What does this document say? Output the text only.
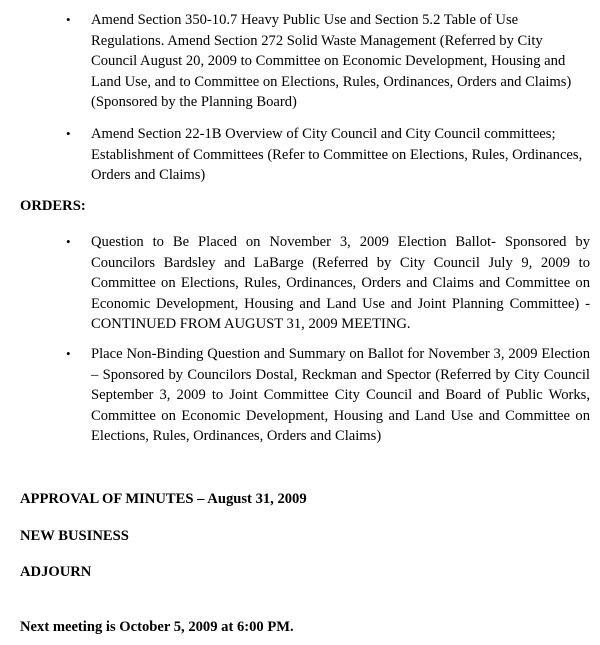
• Amend Section 350-10.7 Heavy Public Use and Section 5.2 Table of Use Regulations. Amend Section 272 Solid Waste Management (Referred by City Council August 20, 2009 to Committee on Economic Development, Housing and Land Use, and to Committee on Elections, Rules, Ordinances, Orders and Claims) (Sponsored by the Planning Board)
• Amend Section 22-1B Overview of City Council and City Council committees; Establishment of Committees (Refer to Committee on Elections, Rules, Ordinances, Orders and Claims)
ORDERS:
• Question to Be Placed on November 3, 2009 Election Ballot- Sponsored by Councilors Bardsley and LaBarge (Referred by City Council July 9, 2009 to Committee on Elections, Rules, Ordinances, Orders and Claims and Committee on Economic Development, Housing and Land Use and Joint Planning Committee) - CONTINUED FROM AUGUST 31, 2009 MEETING.
• Place Non-Binding Question and Summary on Ballot for November 3, 2009 Election – Sponsored by Councilors Dostal, Reckman and Spector (Referred by City Council September 3, 2009 to Joint Committee City Council and Board of Public Works, Committee on Economic Development, Housing and Land Use and Committee on Elections, Rules, Ordinances, Orders and Claims)
APPROVAL OF MINUTES – August 31, 2009
NEW BUSINESS
ADJOURN
Next meeting is October 5, 2009 at 6:00 PM.
